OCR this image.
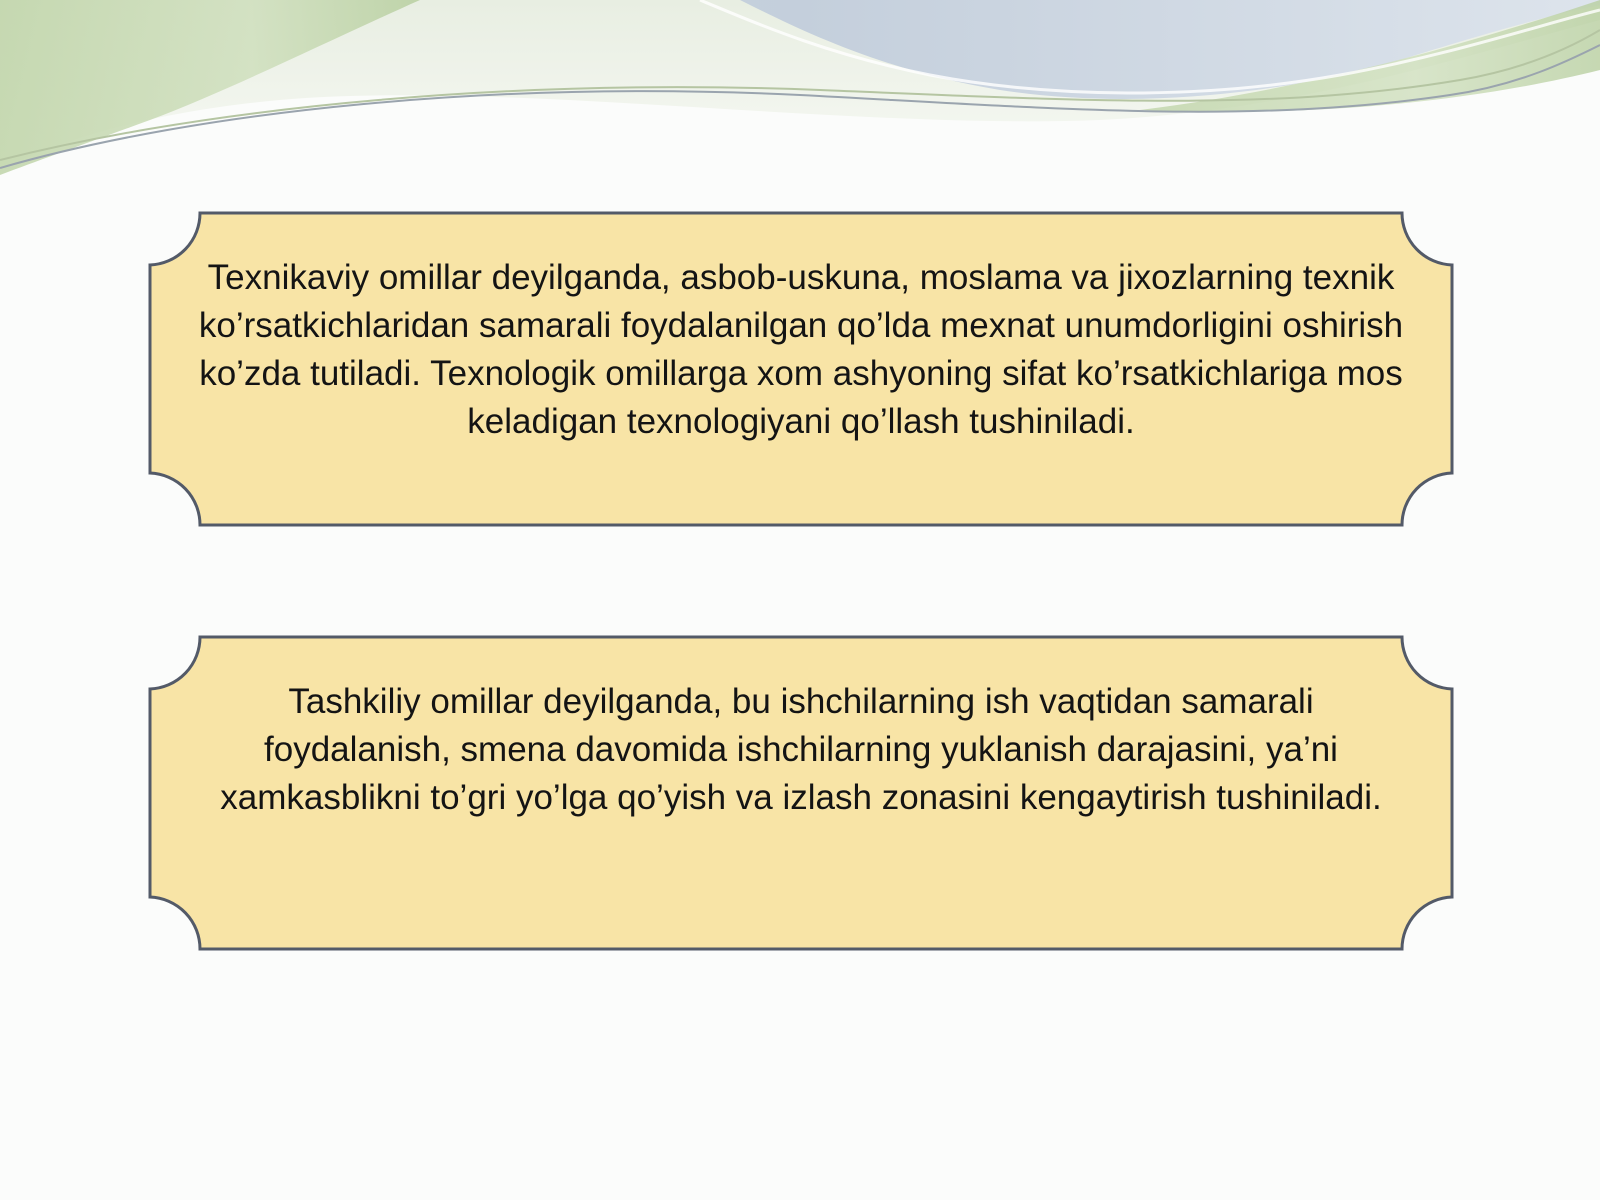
Texnikaviy omillar deyilganda, asbob-uskuna, moslama va jixozlarning texnik ko’rsatkichlaridan samarali foydalanilgan qo’lda mexnat unumdorligini oshirish ko’zda tutiladi. Texnologik omillarga xom ashyoning sifat ko’rsatkichlariga mos keladigan texnologiyani qo’llash tushiniladi.

Tashkiliy omillar deyilganda, bu ishchilarning ish vaqtidan samarali foydalanish, smena davomida ishchilarning yuklanish darajasini, ya’ni xamkasblikni to’gri yo’lga qo’yish va izlash zonasini kengaytirish tushiniladi.
